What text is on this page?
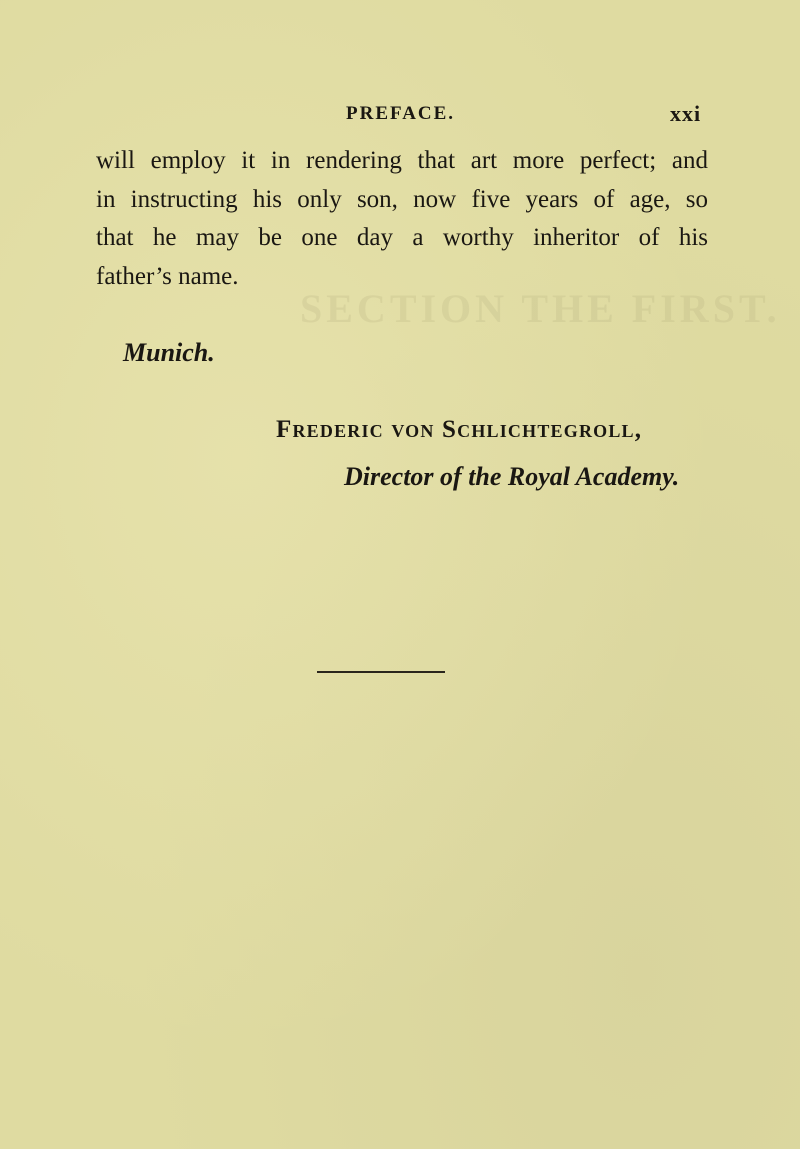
SECTION THE FIRST.
PREFACE.	xxi
will employ it in rendering that art more perfect; and
in instructing his only son, now five years of age, so
that he may be one day a worthy inheritor of his
father’s name.
Munich.
Frederic von Schlichtegroll,
Director of the Royal Academy.
